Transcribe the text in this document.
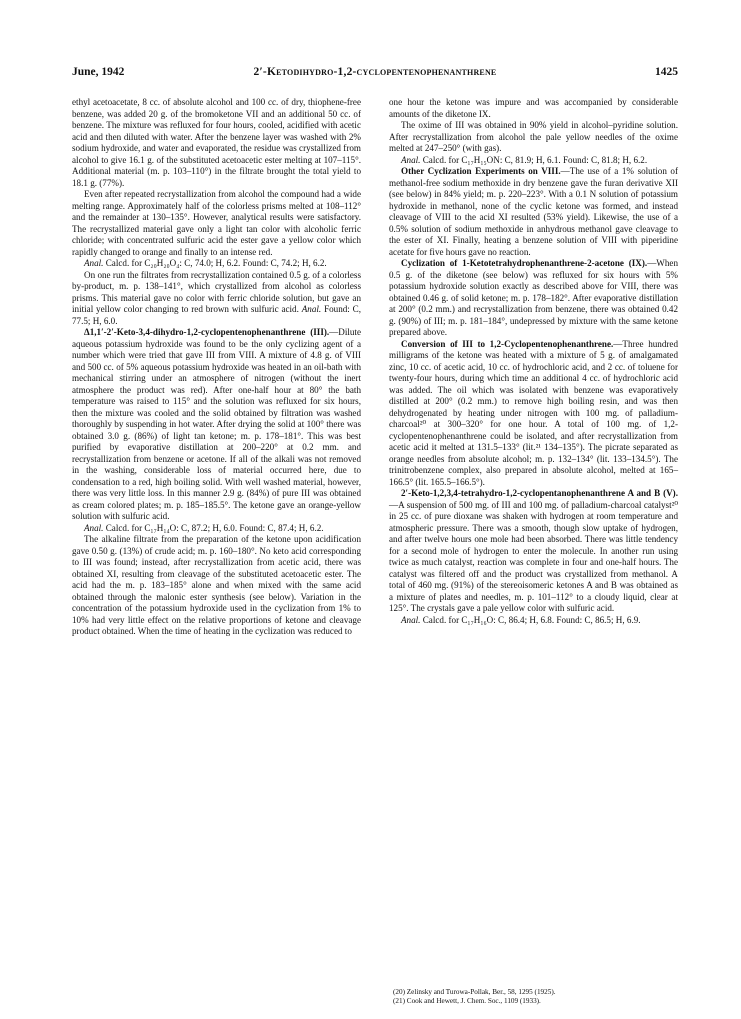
June, 1942	2′-Ketodihydro-1,2-cyclopentenophenanthrene	1425

ethyl acetoacetate, 8 cc. of absolute alcohol and 100 cc. of dry, thiophene-free benzene, was added 20 g. of the bromoketone VII and an additional 50 cc. of benzene. The mixture was refluxed for four hours, cooled, acidified with acetic acid and then diluted with water. After the benzene layer was washed with 2% sodium hydroxide, and water and evaporated, the residue was crystallized from alcohol to give 16.1 g. of the substituted acetoacetic ester melting at 107–115°. Additional material (m. p. 103–110°) in the filtrate brought the total yield to 18.1 g. (77%).

Even after repeated recrystallization from alcohol the compound had a wide melting range. Approximately half of the colorless prisms melted at 108–112° and the remainder at 130–135°. However, analytical results were satisfactory. The recrystallized material gave only a light tan color with alcoholic ferric chloride; with concentrated sulfuric acid the ester gave a yellow color which rapidly changed to orange and finally to an intense red.

Anal. Calcd. for C₂₀H₂₀O₄: C, 74.0; H, 6.2. Found: C, 74.2; H, 6.2.

On one run the filtrates from recrystallization contained 0.5 g. of a colorless by-product, m. p. 138–141°, which crystallized from alcohol as colorless prisms. This material gave no color with ferric chloride solution, but gave an initial yellow color changing to red brown with sulfuric acid. Anal. Found: C, 77.5; H, 6.0.

Δ1,1′-2′-Keto-3,4-dihydro-1,2-cyclopentenophenanthrene (III).—Dilute aqueous potassium hydroxide was found to be the only cyclizing agent of a number which were tried that gave III from VIII. A mixture of 4.8 g. of VIII and 500 cc. of 5% aqueous potassium hydroxide was heated in an oil-bath with mechanical stirring under an atmosphere of nitrogen (without the inert atmosphere the product was red). After one-half hour at 80° the bath temperature was raised to 115° and the solution was refluxed for six hours, then the mixture was cooled and the solid obtained by filtration was washed thoroughly by suspending in hot water. After drying the solid at 100° there was obtained 3.0 g. (86%) of light tan ketone; m. p. 178–181°. This was best purified by evaporative distillation at 200–220° at 0.2 mm. and recrystallization from benzene or acetone. If all of the alkali was not removed in the washing, considerable loss of material occurred here, due to condensation to a red, high boiling solid. With well washed material, however, there was very little loss. In this manner 2.9 g. (84%) of pure III was obtained as cream colored plates; m. p. 185–185.5°. The ketone gave an orange-yellow solution with sulfuric acid.

Anal. Calcd. for C₁₇H₁₄O: C, 87.2; H, 6.0. Found: C, 87.4; H, 6.2.

The alkaline filtrate from the preparation of the ketone upon acidification gave 0.50 g. (13%) of crude acid; m. p. 160–180°. No keto acid corresponding to III was found; instead, after recrystallization from acetic acid, there was obtained XI, resulting from cleavage of the substituted acetoacetic ester. The acid had the m. p. 183–185° alone and when mixed with the same acid obtained through the malonic ester synthesis (see below). Variation in the concentration of the potassium hydroxide used in the cyclization from 1% to 10% had very little effect on the relative proportions of ketone and cleavage product obtained. When the time of heating in the cyclization was reduced to

one hour the ketone was impure and was accompanied by considerable amounts of the diketone IX.

The oxime of III was obtained in 90% yield in alcohol–pyridine solution. After recrystallization from alcohol the pale yellow needles of the oxime melted at 247–250° (with gas).

Anal. Calcd. for C₁₇H₁₅ON: C, 81.9; H, 6.1. Found: C, 81.8; H, 6.2.

Other Cyclization Experiments on VIII.—The use of a 1% solution of methanol-free sodium methoxide in dry benzene gave the furan derivative XII (see below) in 84% yield; m. p. 220–223°. With a 0.1 N solution of potassium hydroxide in methanol, none of the cyclic ketone was formed, and instead cleavage of VIII to the acid XI resulted (53% yield). Likewise, the use of a 0.5% solution of sodium methoxide in anhydrous methanol gave cleavage to the ester of XI. Finally, heating a benzene solution of VIII with piperidine acetate for five hours gave no reaction.

Cyclization of 1-Ketotetrahydrophenanthrene-2-acetone (IX).—When 0.5 g. of the diketone (see below) was refluxed for six hours with 5% potassium hydroxide solution exactly as described above for VIII, there was obtained 0.46 g. of solid ketone; m. p. 178–182°. After evaporative distillation at 200° (0.2 mm.) and recrystallization from benzene, there was obtained 0.42 g. (90%) of III; m. p. 181–184°, undepressed by mixture with the same ketone prepared above.

Conversion of III to 1,2-Cyclopentenophenanthrene.—Three hundred milligrams of the ketone was heated with a mixture of 5 g. of amalgamated zinc, 10 cc. of acetic acid, 10 cc. of hydrochloric acid, and 2 cc. of toluene for twenty-four hours, during which time an additional 4 cc. of hydrochloric acid was added. The oil which was isolated with benzene was evaporatively distilled at 200° (0.2 mm.) to remove high boiling resin, and was then dehydrogenated by heating under nitrogen with 100 mg. of palladium-charcoal²⁰ at 300–320° for one hour. A total of 100 mg. of 1,2-cyclopentenophenanthrene could be isolated, and after recrystallization from acetic acid it melted at 131.5–133° (lit.²¹ 134–135°). The picrate separated as orange needles from absolute alcohol; m. p. 132–134° (lit. 133–134.5°). The trinitrobenzene complex, also prepared in absolute alcohol, melted at 165–166.5° (lit. 165.5–166.5°).

2′-Keto-1,2,3,4-tetrahydro-1,2-cyclopentanophenanthrene A and B (V).—A suspension of 500 mg. of III and 100 mg. of palladium-charcoal catalyst²⁰ in 25 cc. of pure dioxane was shaken with hydrogen at room temperature and atmospheric pressure. There was a smooth, though slow uptake of hydrogen, and after twelve hours one mole had been absorbed. There was little tendency for a second mole of hydrogen to enter the molecule. In another run using twice as much catalyst, reaction was complete in four and one-half hours. The catalyst was filtered off and the product was crystallized from methanol. A total of 460 mg. (91%) of the stereoisomeric ketones A and B was obtained as a mixture of plates and needles, m. p. 101–112° to a cloudy liquid, clear at 125°. The crystals gave a pale yellow color with sulfuric acid.

Anal. Calcd. for C₁₇H₁₆O: C, 86.4; H, 6.8. Found: C, 86.5; H, 6.9.

(20) Zelinsky and Turowa-Pollak, Ber., 58, 1295 (1925).
(21) Cook and Hewett, J. Chem. Soc., 1109 (1933).
